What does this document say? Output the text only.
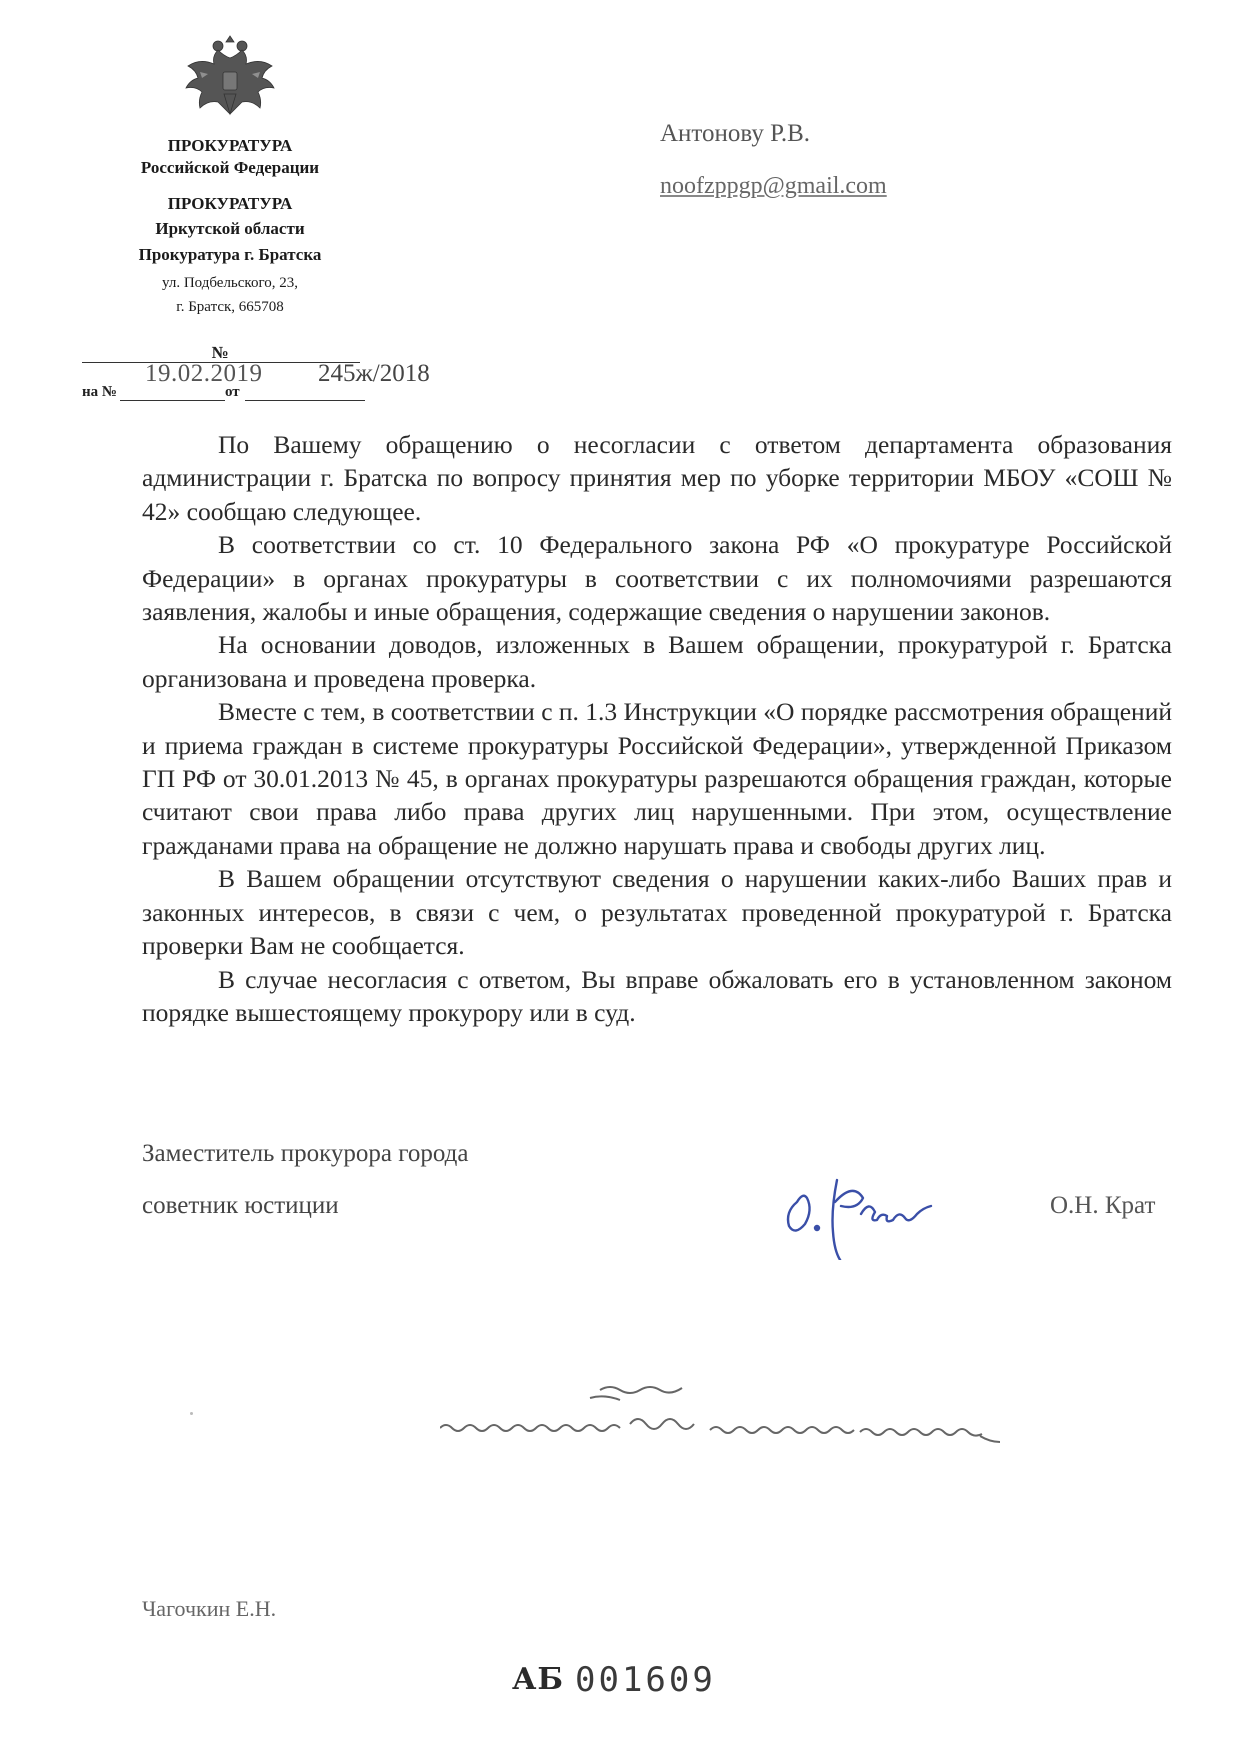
ПРОКУРАТУРА
Российской Федерации
ПРОКУРАТУРА
Иркутской области
Прокуратура г. Братска
ул. Подбельского, 23,
г. Братск, 665708
№
19.02.2019 245ж/2018
на №	от
Антонову Р.В.
noofzppgp@gmail.com

По Вашему обращению о несогласии с ответом департамента образования администрации г. Братска по вопросу принятия мер по уборке территории МБОУ «СОШ № 42» сообщаю следующее.

В соответствии со ст. 10 Федерального закона РФ «О прокуратуре Российской Федерации» в органах прокуратуры в соответствии с их полномочиями разрешаются заявления, жалобы и иные обращения, содержащие сведения о нарушении законов.

На основании доводов, изложенных в Вашем обращении, прокуратурой г. Братска организована и проведена проверка.

Вместе с тем, в соответствии с п. 1.3 Инструкции «О порядке рассмотрения обращений и приема граждан в системе прокуратуры Российской Федерации», утвержденной Приказом ГП РФ от 30.01.2013 № 45, в органах прокуратуры разрешаются обращения граждан, которые считают свои права либо права других лиц нарушенными. При этом, осуществление гражданами права на обращение не должно нарушать права и свободы других лиц.

В Вашем обращении отсутствуют сведения о нарушении каких-либо Ваших прав и законных интересов, в связи с чем, о результатах проведенной прокуратурой г. Братска проверки Вам не сообщается.

В случае несогласия с ответом, Вы вправе обжаловать его в установленном законом порядке вышестоящему прокурору или в суд.

Заместитель прокурора города
советник юстиции	О.Н. Крат
Чагочкин Е.Н.
АБ 001609
